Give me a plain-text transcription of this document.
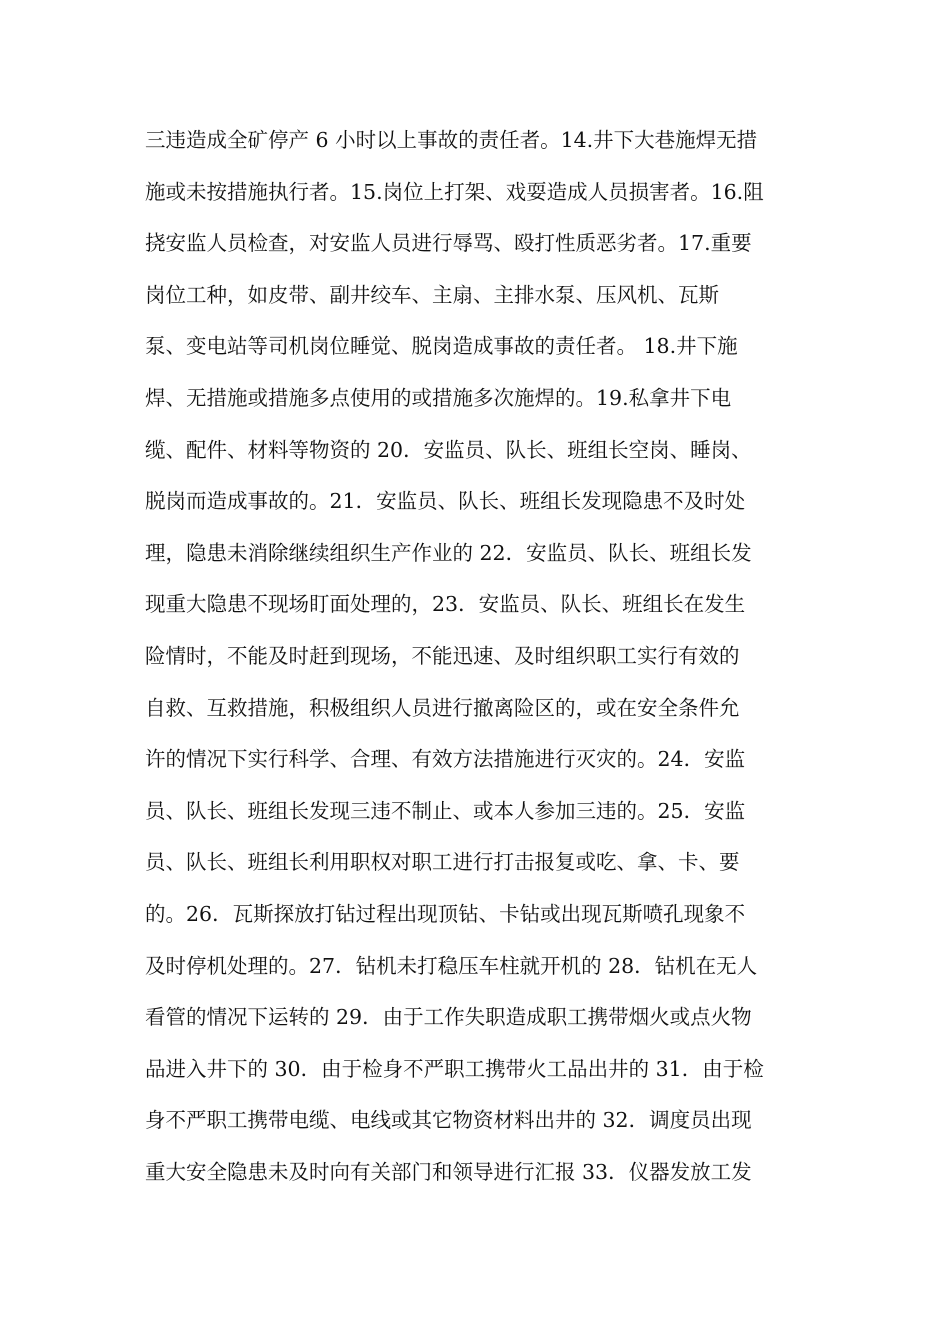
三违造成全矿停产 6 小时以上事故的责任者。14.井下大巷施焊无措
施或未按措施执行者。15.岗位上打架、戏耍造成人员损害者。16.阻
挠安监人员检查，对安监人员进行辱骂、殴打性质恶劣者。17.重要
岗位工种，如皮带、副井绞车、主扇、主排水泵、压风机、瓦斯
泵、变电站等司机岗位睡觉、脱岗造成事故的责任者。 18.井下施
焊、无措施或措施多点使用的或措施多次施焊的。19.私拿井下电
缆、配件、材料等物资的 20．安监员、队长、班组长空岗、睡岗、
脱岗而造成事故的。21．安监员、队长、班组长发现隐患不及时处
理，隐患未消除继续组织生产作业的 22．安监员、队长、班组长发
现重大隐患不现场盯面处理的，23．安监员、队长、班组长在发生
险情时，不能及时赶到现场，不能迅速、及时组织职工实行有效的
自救、互救措施，积极组织人员进行撤离险区的，或在安全条件允
许的情况下实行科学、合理、有效方法措施进行灭灾的。24．安监
员、队长、班组长发现三违不制止、或本人参加三违的。25．安监
员、队长、班组长利用职权对职工进行打击报复或吃、拿、卡、要
的。26．瓦斯探放打钻过程出现顶钻、卡钻或出现瓦斯喷孔现象不
及时停机处理的。27．钻机未打稳压车柱就开机的 28．钻机在无人
看管的情况下运转的 29．由于工作失职造成职工携带烟火或点火物
品进入井下的 30．由于检身不严职工携带火工品出井的 31．由于检
身不严职工携带电缆、电线或其它物资材料出井的 32．调度员出现
重大安全隐患未及时向有关部门和领导进行汇报 33．仪器发放工发
